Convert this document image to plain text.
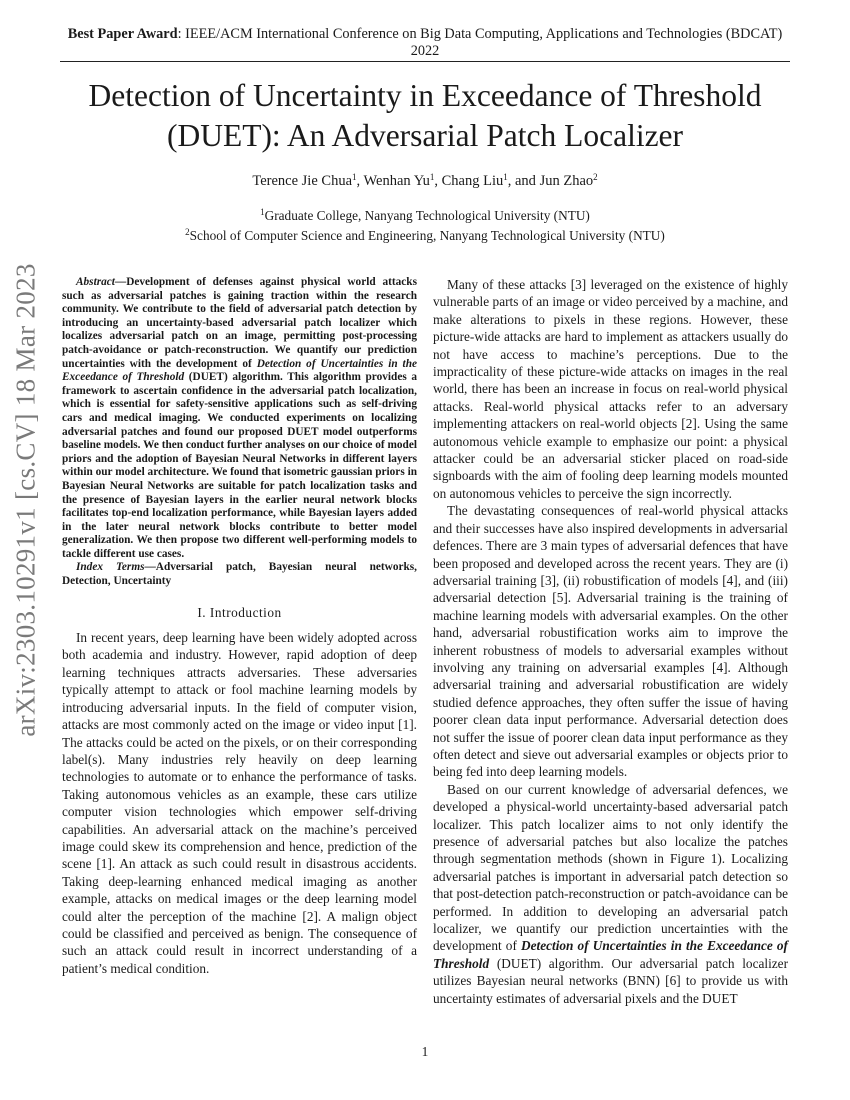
arXiv:2303.10291v1 [cs.CV] 18 Mar 2023
Best Paper Award: IEEE/ACM International Conference on Big Data Computing, Applications and Technologies (BDCAT) 2022
Detection of Uncertainty in Exceedance of Threshold (DUET): An Adversarial Patch Localizer
Terence Jie Chua$^1$, Wenhan Yu$^1$, Chang Liu$^1$, and Jun Zhao$^2$
$^1$Graduate College, Nanyang Technological University (NTU)
$^2$School of Computer Science and Engineering, Nanyang Technological University (NTU)

Abstract—Development of defenses against physical world attacks such as adversarial patches is gaining traction within the research community. We contribute to the field of adversarial patch detection by introducing an uncertainty-based adversarial patch localizer which localizes adversarial patch on an image, permitting post-processing patch-avoidance or patch-reconstruction. We quantify our prediction uncertainties with the development of Detection of Uncertainties in the Exceedance of Threshold (DUET) algorithm. This algorithm provides a framework to ascertain confidence in the adversarial patch localization, which is essential for safety-sensitive applications such as self-driving cars and medical imaging. We conducted experiments on localizing adversarial patches and found our proposed DUET model outperforms baseline models. We then conduct further analyses on our choice of model priors and the adoption of Bayesian Neural Networks in different layers within our model architecture. We found that isometric gaussian priors in Bayesian Neural Networks are suitable for patch localization tasks and the presence of Bayesian layers in the earlier neural network blocks facilitates top-end localization performance, while Bayesian layers added in the later neural network blocks contribute to better model generalization. We then propose two different well-performing models to tackle different use cases.

Index Terms—Adversarial patch, Bayesian neural networks, Detection, Uncertainty

I. Introduction

In recent years, deep learning have been widely adopted across both academia and industry. However, rapid adoption of deep learning techniques attracts adversaries. These adversaries typically attempt to attack or fool machine learning models by introducing adversarial inputs. In the field of computer vision, attacks are most commonly acted on the image or video input [1]. The attacks could be acted on the pixels, or on their corresponding label(s). Many industries rely heavily on deep learning technologies to automate or to enhance the performance of tasks. Taking autonomous vehicles as an example, these cars utilize computer vision technologies which empower self-driving capabilities. An adversarial attack on the machine’s perceived image could skew its comprehension and hence, prediction of the scene [1]. An attack as such could result in disastrous accidents. Taking deep-learning enhanced medical imaging as another example, attacks on medical images or the deep learning model could alter the perception of the machine [2]. A malign object could be classified and perceived as benign. The consequence of such an attack could result in incorrect understanding of a patient’s medical condition.

Many of these attacks [3] leveraged on the existence of highly vulnerable parts of an image or video perceived by a machine, and make alterations to pixels in these regions. However, these picture-wide attacks are hard to implement as attackers usually do not have access to machine’s perceptions. Due to the impracticality of these picture-wide attacks on images in the real world, there has been an increase in focus on real-world physical attacks. Real-world physical attacks refer to an adversary implementing attackers on real-world objects [2]. Using the same autonomous vehicle example to emphasize our point: a physical attacker could be an adversarial sticker placed on road-side signboards with the aim of fooling deep learning models mounted on autonomous vehicles to perceive the sign incorrectly.

The devastating consequences of real-world physical attacks and their successes have also inspired developments in adversarial defences. There are 3 main types of adversarial defences that have been proposed and developed across the recent years. They are (i) adversarial training [3], (ii) robustification of models [4], and (iii) adversarial detection [5]. Adversarial training is the training of machine learning models with adversarial examples. On the other hand, adversarial robustification works aim to improve the inherent robustness of models to adversarial examples without involving any training on adversarial examples [4]. Although adversarial training and adversarial robustification are widely studied defence approaches, they often suffer the issue of having poorer clean data input performance. Adversarial detection does not suffer the issue of poorer clean data input performance as they often detect and sieve out adversarial examples or objects prior to being fed into deep learning models.

Based on our current knowledge of adversarial defences, we developed a physical-world uncertainty-based adversarial patch localizer. This patch localizer aims to not only identify the presence of adversarial patches but also localize the patches through segmentation methods (shown in Figure 1). Localizing adversarial patches is important in adversarial patch detection so that post-detection patch-reconstruction or patch-avoidance can be performed. In addition to developing an adversarial patch localizer, we quantify our prediction uncertainties with the development of Detection of Uncertainties in the Exceedance of Threshold (DUET) algorithm. Our adversarial patch localizer utilizes Bayesian neural networks (BNN) [6] to provide us with uncertainty estimates of adversarial pixels and the DUET

1
